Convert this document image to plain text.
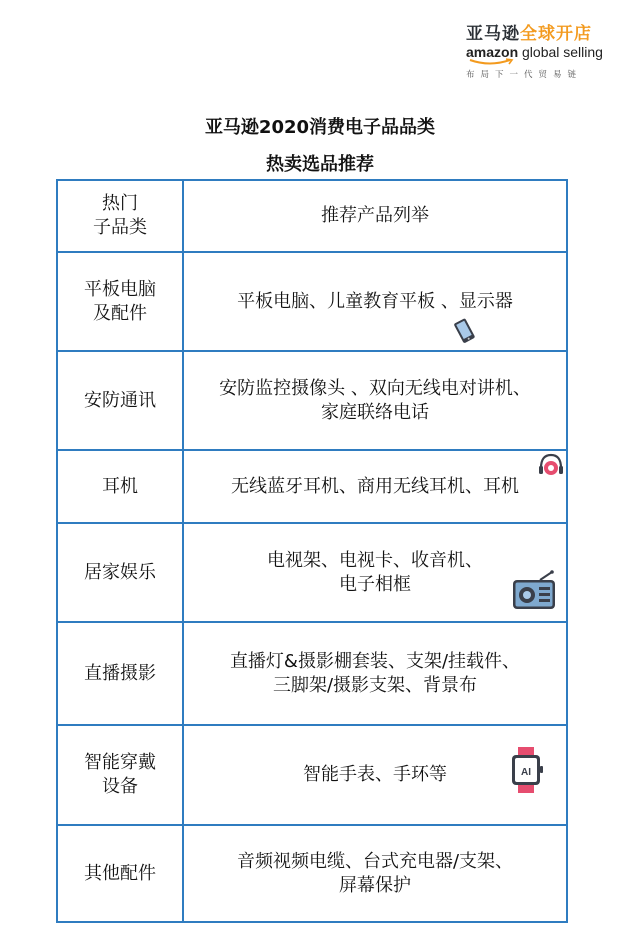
亚马逊全球开店
amazon global selling
布局下一代贸易链
亚马逊2020消费电子品品类
热卖选品推荐
热门
子品类	推荐产品列举
平板电脑
及配件	平板电脑、儿童教育平板 、显示器

安防通讯	安防监控摄像头 、双向无线电对讲机、
家庭联络电话
耳机	无线蓝牙耳机、商用无线耳机、耳机

居家娱乐	电视架、电视卡、收音机、
电子相框

直播摄影	直播灯&摄影棚套装、支架/挂载件、
三脚架/摄影支架、背景布
智能穿戴
设备	智能手表、手环等 AI

其他配件	音频视频电缆、台式充电器/支架、
屏幕保护
